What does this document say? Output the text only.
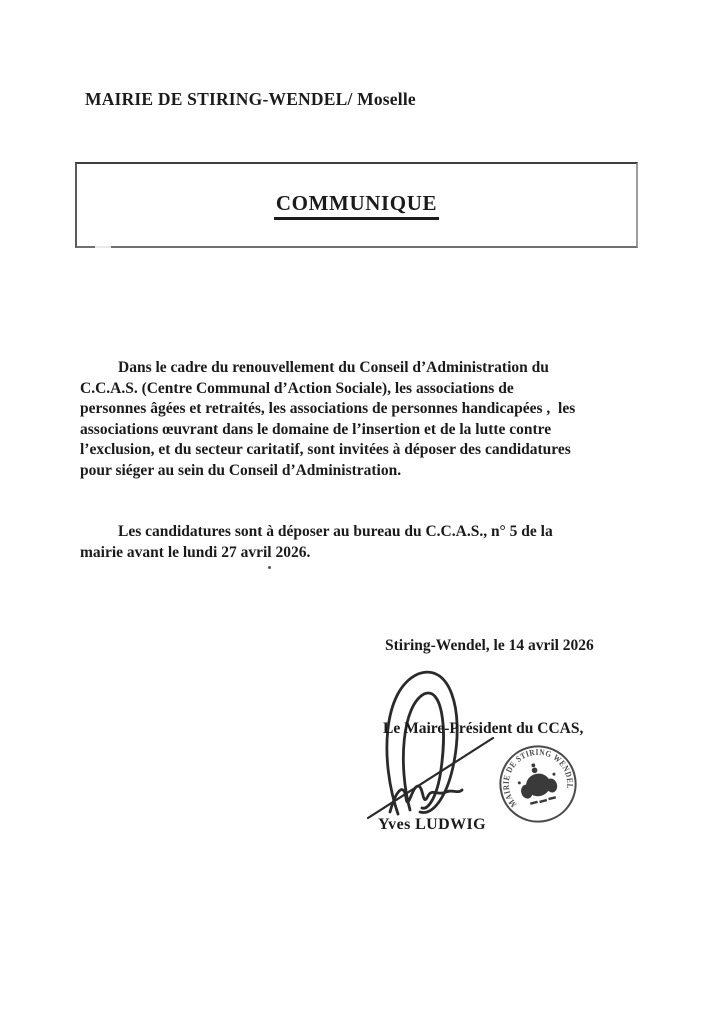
MAIRIE DE STIRING-WENDEL/ Moselle
COMMUNIQUE
Dans le cadre du renouvellement du Conseil d’Administration du
C.C.A.S. (Centre Communal d’Action Sociale), les associations de
personnes âgées et retraités, les associations de personnes handicapées ,  les
associations œuvrant dans le domaine de l’insertion et de la lutte contre
l’exclusion, et du secteur caritatif, sont invitées à déposer des candidatures
pour siéger au sein du Conseil d’Administration.
Les candidatures sont à déposer au bureau du C.C.A.S., n° 5 de la
mairie avant le lundi 27 avril 2026.
Stiring-Wendel, le 14 avril 2026
Le Maire-Président du CCAS,
MAIRIE DE STIRING WENDEL
Yves LUDWIG
